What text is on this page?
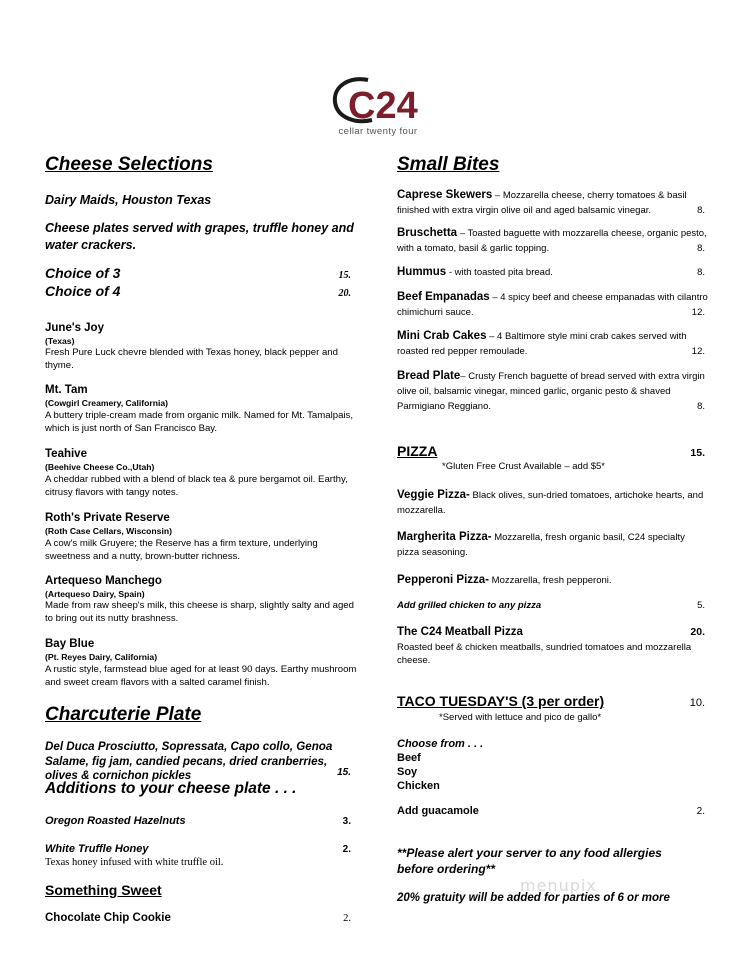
C24
cellar twenty four
Cheese Selections
Dairy Maids, Houston Texas
Cheese plates served with grapes, truffle honey and water crackers.
Choice of 3	15.
Choice of 4	20.
June's Joy
(Texas)
Fresh Pure Luck chevre blended with Texas honey, black pepper and thyme.
Mt. Tam
(Cowgirl Creamery, California)
A buttery triple-cream made from organic milk. Named for Mt. Tamalpais, which is just north of San Francisco Bay.
Teahive
(Beehive Cheese Co.,Utah)
A cheddar rubbed with a blend of black tea & pure bergamot oil. Earthy, citrusy flavors with tangy notes.
Roth's Private Reserve
(Roth Case Cellars, Wisconsin)
A cow's milk Gruyere; the Reserve has a firm texture, underlying sweetness and a nutty, brown-butter richness.
Artequeso Manchego
(Artequeso Dairy, Spain)
Made from raw sheep's milk, this cheese is sharp, slightly salty and aged to bring out its nutty brashness.
Bay Blue
(Pt. Reyes Dairy, California)
A rustic style, farmstead blue aged for at least 90 days. Earthy mushroom and sweet cream flavors with a salted caramel finish.
Charcuterie Plate
Del Duca Prosciutto, Sopressata, Capo collo, Genoa Salame, fig jam, candied pecans, dried cranberries, olives & cornichon pickles	15.
Additions to your cheese plate . . .
Oregon Roasted Hazelnuts	3.
White Truffle Honey	2.
Texas honey infused with white truffle oil.
Something Sweet
Chocolate Chip Cookie	2.
Small Bites
Caprese Skewers – Mozzarella cheese, cherry tomatoes & basil finished with extra virgin olive oil and aged balsamic vinegar.	8.
Bruschetta – Toasted baguette with mozzarella cheese, organic pesto, with a tomato, basil & garlic topping.	8.
Hummus - with toasted pita bread.	8.
Beef Empanadas – 4 spicy beef and cheese empanadas with cilantro chimichurri sauce.	12.
Mini Crab Cakes – 4 Baltimore style mini crab cakes served with roasted red pepper remoulade.	12.
Bread Plate– Crusty French baguette of bread served with extra virgin olive oil, balsamic vinegar, minced garlic, organic pesto & shaved Parmigiano Reggiano.	8.
PIZZA	15.
*Gluten Free Crust Available – add $5*
Veggie Pizza- Black olives, sun-dried tomatoes, artichoke hearts, and mozzarella.
Margherita Pizza- Mozzarella, fresh organic basil, C24 specialty pizza seasoning.
Pepperoni Pizza- Mozzarella, fresh pepperoni.
Add grilled chicken to any pizza	5.
The C24 Meatball Pizza	20.
Roasted beef & chicken meatballs, sundried tomatoes and mozzarella cheese.
TACO TUESDAY'S (3 per order)	10.
*Served with lettuce and pico de gallo*
Choose from . . .
Beef
Soy
Chicken
Add guacamole	2.
**Please alert your server to any food allergies before ordering**
20% gratuity will be added for parties of 6 or more
menupix
